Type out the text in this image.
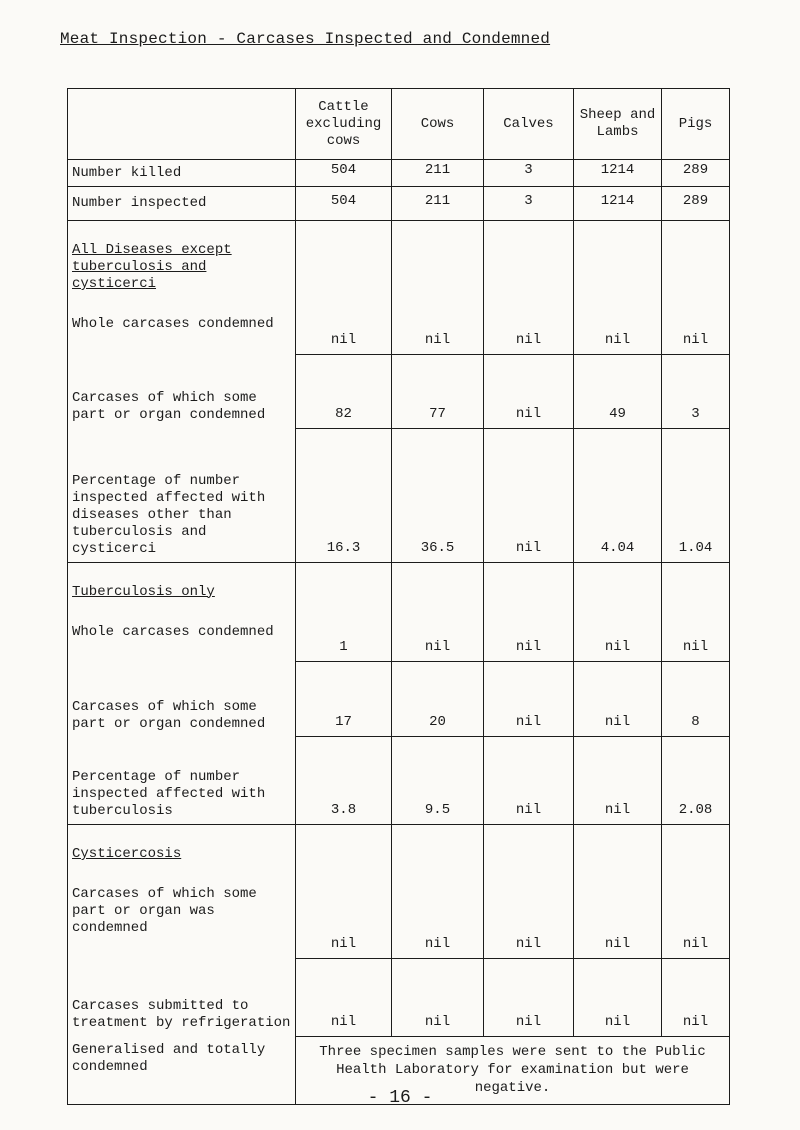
Meat Inspection - Carcases Inspected and Condemned

	Cattle excluding cows	Cows	Calves	Sheep and Lambs	Pigs

Number killed	504	211	3	1214	289
Number inspected	504	211	3	1214	289

All Diseases except tuberculosis and cysticerci

Whole carcases condemned	nil	nil	nil	nil	nil
Carcases of which some part or organ condemned	82	77	nil	49	3
Percentage of number inspected affected with diseases other than tuberculosis and cysticerci	16.3	36.5	nil	4.04	1.04

Tuberculosis only

Whole carcases condemned	1	nil	nil	nil	nil
Carcases of which some part or organ condemned	17	20	nil	nil	8
Percentage of number inspected affected with tuberculosis	3.8	9.5	nil	nil	2.08

Cysticercosis

Carcases of which some part or organ was condemned	nil	nil	nil	nil	nil
Carcases submitted to treatment by refrigeration	nil	nil	nil	nil	nil
Generalised and totally condemned	Three specimen samples were sent to the Public Health Laboratory for examination but were negative.				
- 16 -
